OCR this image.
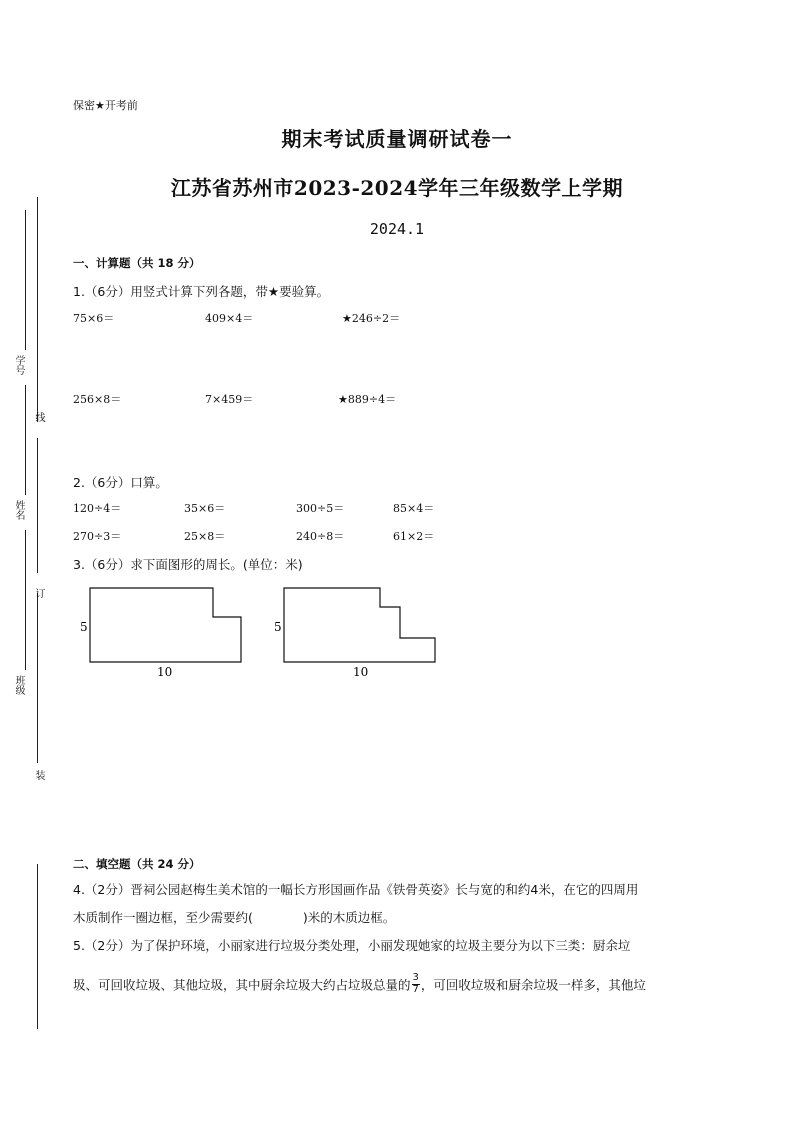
学号
线
姓名
订
班级
装
保密★开考前
期末考试质量调研试卷一
江苏省苏州市2023-2024学年三年级数学上学期
2024.1
一、计算题（共 18 分）
1.（6分）用竖式计算下列各题，带★要验算。
75×6＝	409×4＝	★246÷2＝
256×8＝	7×459＝	★889÷4＝
2.（6分）口算。
120÷4＝	35×6＝	300÷5＝	85×4＝
270÷3＝	25×8＝	240÷8＝	61×2＝
3.（6分）求下面图形的周长。(单位：米)
5
10
5
10
二、填空题（共 24 分）
4.（2分）晋祠公园赵梅生美术馆的一幅长方形国画作品《铁骨英姿》长与宽的和约4米，在它的四周用
木质制作一圈边框，至少需要约(　　　　)米的木质边框。
5.（2分）为了保护环境，小丽家进行垃圾分类处理，小丽发现她家的垃圾主要分为以下三类：厨余垃
圾、可回收垃圾、其他垃圾，其中厨余垃圾大约占垃圾总量的 $\frac{3}{7}$ ，可回收垃圾和厨余垃圾一样多，其他垃
